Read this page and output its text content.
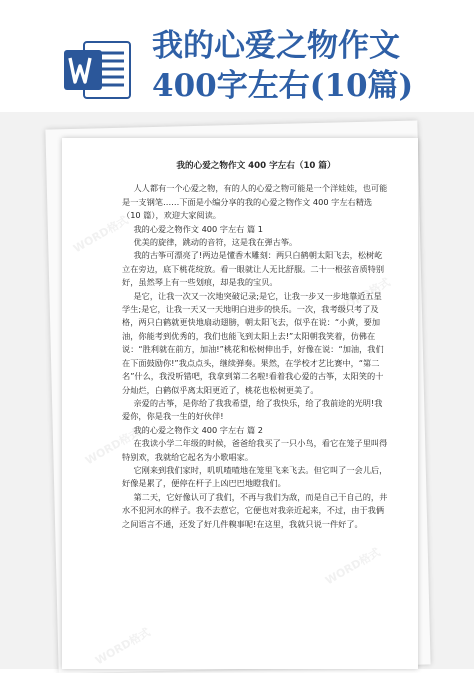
我的心爱之物作文
400字左右(10篇)
WORD格式
WORD格式
WORD格式
WORD格式
WORD格式

我的心爱之物作文 400 字左右（10 篇）

人人都有一个心爱之物，有的人的心爱之物可能是一个洋娃娃，也可能是一支钢笔……下面是小编分享的我的心爱之物作文 400 字左右精选（10 篇），欢迎大家阅读。

我的心爱之物作文 400 字左右 篇 1

优美的旋律，跳动的音符，这是我在弹古筝。

我的古筝可漂亮了!两边是懂香木雕刻：两只白鹤朝太阳飞去，松树屹立在旁边，底下桃花绽放。看一眼就让人无比舒服。二十一根弦音质特别好，虽然琴上有一些划痕，却是我的宝贝。

是它，让我一次又一次地突破记录;是它，让我一步又一步地靠近五星学生;是它，让我一天又一天地明白进步的快乐。一次，我考级只考了及格，两只白鹤就更快地扇动翅膀，朝太阳飞去，似乎在说：“小黄，要加油，你能考到优秀的，我们也能飞到太阳上去!”太阳朝我笑着，仿佛在说：“胜利就在前方，加油!”桃花和松树伸出手，好像在说：“加油，我们在下面鼓励你!”我点点头，继续弹奏。果然，在学校才艺比赛中，“第二名”什么，我没听错吧，我拿到第二名啦!看着我心爱的古筝，太阳笑的十分灿烂，白鹤似乎离太阳更近了，桃花也松树更美了。

亲爱的古筝，是你给了我我希望，给了我快乐，给了我前途的光明!我爱你，你是我一生的好伙伴!

我的心爱之物作文 400 字左右 篇 2

在我读小学二年级的时候，爸爸给我买了一只小鸟，看它在笼子里叫得特别欢，我就给它起名为小歌唱家。

它刚来到我们家时，叽叽喳喳地在笼里飞来飞去。但它叫了一会儿后，好像是累了，便停在杆子上凶巴巴地瞪我们。

第二天，它好像认可了我们，不再与我们为敌，而是自己干自己的，井水不犯河水的样子。我不去惹它，它便也对我亲近起来，不过，由于我俩之间语言不通，还发了好几件糗事呢!在这里，我就只说一件好了。
